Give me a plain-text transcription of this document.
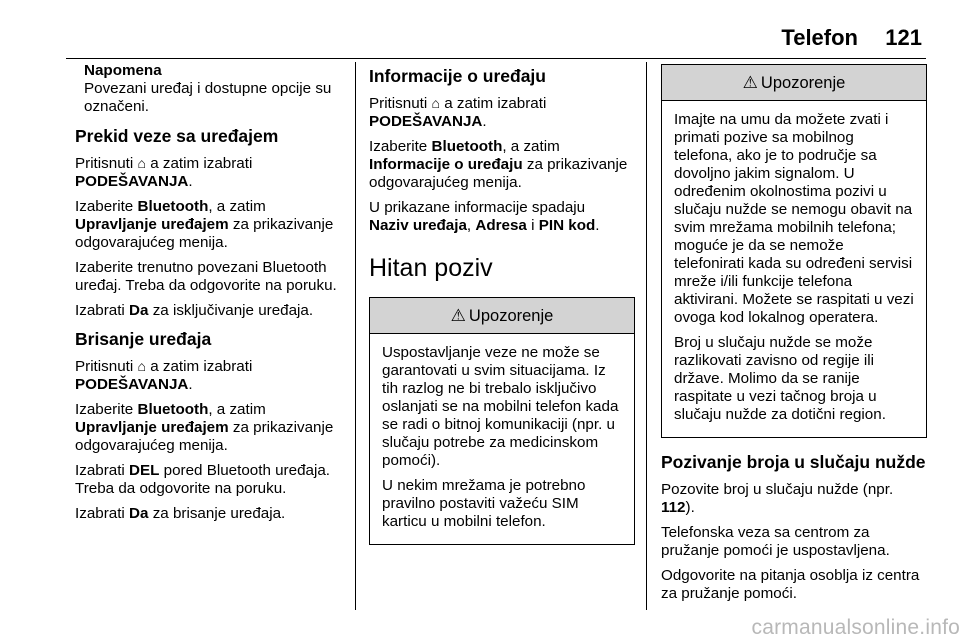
Telefon 121
Napomena
Povezani uređaj i dostupne opcije su označeni.
Prekid veze sa uređajem

Pritisnuti ⌂ a zatim izabrati
PODEŠAVANJA.

Izaberite Bluetooth, a zatim
Upravljanje uređajem za prikazivanje odgovarajućeg menija.

Izaberite trenutno povezani Bluetooth uređaj. Treba da odgovorite na poruku.

Izabrati Da za isključivanje uređaja.

Brisanje uređaja

Pritisnuti ⌂ a zatim izabrati
PODEŠAVANJA.

Izaberite Bluetooth, a zatim
Upravljanje uređajem za prikazivanje odgovarajućeg menija.

Izabrati DEL pored Bluetooth uređaja. Treba da odgovorite na poruku.

Izabrati Da za brisanje uređaja.

Informacije o uređaju

Pritisnuti ⌂ a zatim izabrati
PODEŠAVANJA.

Izaberite Bluetooth, a zatim
Informacije o uređaju za prikazivanje odgovarajućeg menija.

U prikazane informacije spadaju
Naziv uređaja, Adresa i PIN kod.

Hitan poziv
⚠ Upozorenje

Uspostavljanje veze ne može se garantovati u svim situacijama. Iz tih razlog ne bi trebalo isključivo oslanjati se na mobilni telefon kada se radi o bitnoj komunikaciji (npr. u slučaju potrebe za medicinskom pomoći).

U nekim mrežama je potrebno pravilno postaviti važeću SIM karticu u mobilni telefon.

⚠ Upozorenje

Imajte na umu da možete zvati i primati pozive sa mobilnog telefona, ako je to područje sa dovoljno jakim signalom. U određenim okolnostima pozivi u slučaju nužde se nemogu obavit na svim mrežama mobilnih telefona; moguće je da se nemože telefonirati kada su određeni servisi mreže i/ili funkcije telefona aktivirani. Možete se raspitati u vezi ovoga kod lokalnog operatera.

Broj u slučaju nužde se može razlikovati zavisno od regije ili države. Molimo da se ranije raspitate u vezi tačnog broja u slučaju nužde za dotični region.

Pozivanje broja u slučaju nužde

Pozovite broj u slučaju nužde (npr.
112).

Telefonska veza sa centrom za pružanje pomoći je uspostavljena.

Odgovorite na pitanja osoblja iz centra za pružanje pomoći.

carmanualsonline.info
